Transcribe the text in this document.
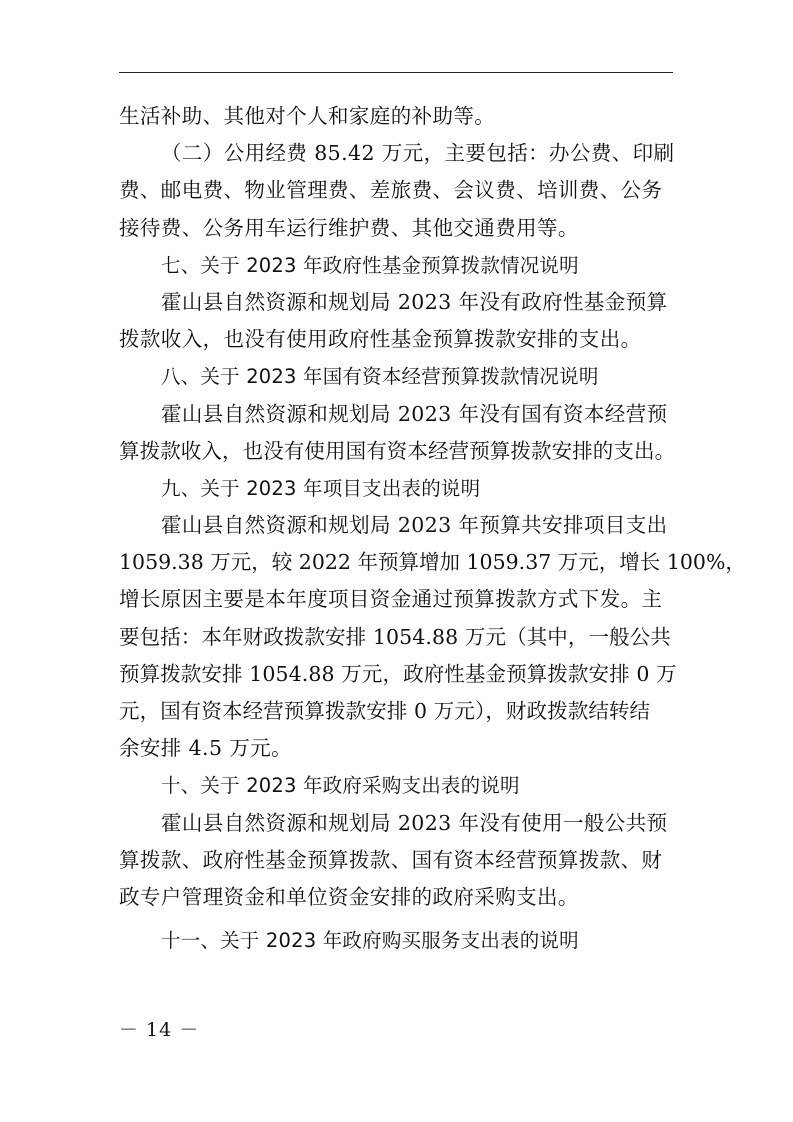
生活补助、其他对个人和家庭的补助等。
（二）公用经费 85.42 万元，主要包括：办公费、印刷
费、邮电费、物业管理费、差旅费、会议费、培训费、公务
接待费、公务用车运行维护费、其他交通费用等。
七、关于 2023 年政府性基金预算拨款情况说明
霍山县自然资源和规划局 2023 年没有政府性基金预算
拨款收入，也没有使用政府性基金预算拨款安排的支出。
八、关于 2023 年国有资本经营预算拨款情况说明
霍山县自然资源和规划局 2023 年没有国有资本经营预
算拨款收入，也没有使用国有资本经营预算拨款安排的支出。
九、关于 2023 年项目支出表的说明
霍山县自然资源和规划局 2023 年预算共安排项目支出
1059.38 万元，较 2022 年预算增加 1059.37 万元，增长 100%，
增长原因主要是本年度项目资金通过预算拨款方式下发。主
要包括：本年财政拨款安排 1054.88 万元（其中，一般公共
预算拨款安排 1054.88 万元，政府性基金预算拨款安排 0 万
元，国有资本经营预算拨款安排 0 万元），财政拨款结转结
余安排 4.5 万元。
十、关于 2023 年政府采购支出表的说明
霍山县自然资源和规划局 2023 年没有使用一般公共预
算拨款、政府性基金预算拨款、国有资本经营预算拨款、财
政专户管理资金和单位资金安排的政府采购支出。
十一、关于 2023 年政府购买服务支出表的说明
－ 14 －
